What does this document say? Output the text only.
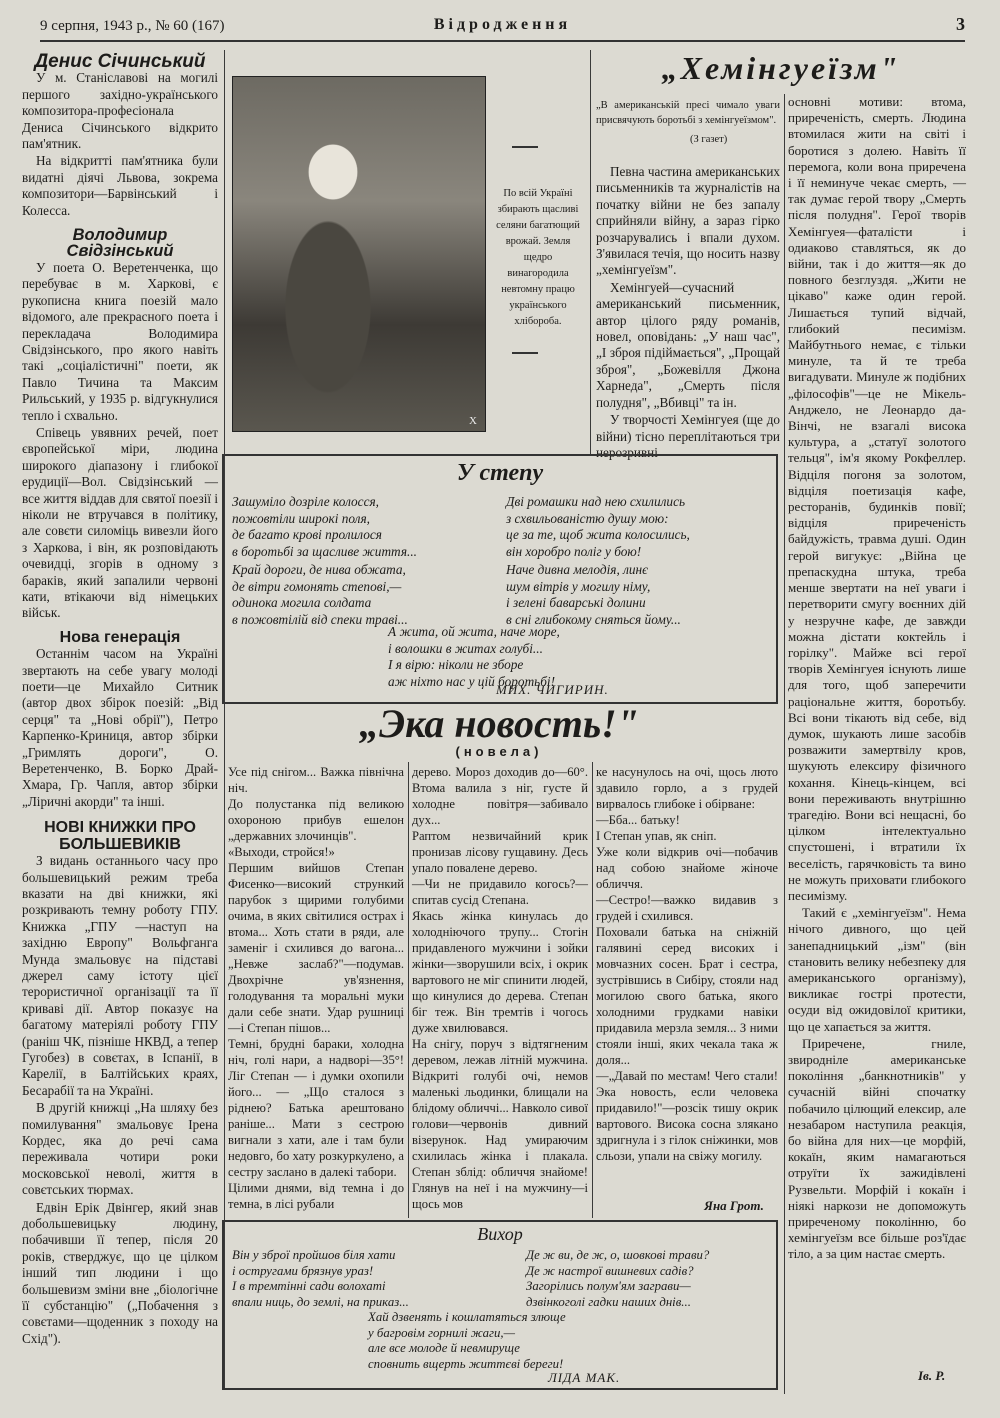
9 серпня, 1943 р., № 60 (167)	Відродження	3
Денис Січинський

У м. Станіславові на могилі першого західно-українського композитора-професіонала Дениса Січинського відкрито пам'ятник.

На відкритті пам'ятника були видатні діячі Львова, зокрема композитори—Барвінський і Колесса.

Володимир Свідзінський

У поета О. Веретенченка, що перебуває в м. Харкові, є рукописна книга поезій мало відомого, але прекрасного поета і перекладача Володимира Свідзінського, про якого навіть такі „соціалістичні" поети, як Павло Тичина та Максим Рильський, у 1935 р. відгукнулися тепло і схвально.

Співець увявних речей, поет європейської міри, людина широкого діапазону і глибокої ерудиції—Вол. Свідзінський — все життя віддав для святої поезії і ніколи не втручався в політику, але совєти силоміць вивезли його з Харкова, і він, як розповідають очевидці, згорів в одному з бараків, який запалили червоні кати, втікаючи від німецьких військ.

Нова генерація

Останнім часом на Україні звертають на себе увагу молоді поети—це Михайло Ситник (автор двох збірок поезій: „Від серця" та „Нові обрії"), Петро Карпенко-Криниця, автор збірки „Гримлять дороги", О. Веретенченко, В. Борко Драй-Хмара, Гр. Чапля, автор збірки „Ліричні акорди" та інші.

НОВІ КНИЖКИ ПРО БОЛЬШЕВИКІВ

З видань останнього часу про большевицький режим треба вказати на дві книжки, які розкривають темну роботу ГПУ. Книжка „ГПУ —наступ на західню Европу" Вольфганга Мунда змальовує на підставі джерел саму істоту цієї терористичної організації та її криваві дії. Автор показує на багатому матеріялі роботу ГПУ (раніш ЧК, пізніше НКВД, а тепер Гугобез) в совєтах, в Іспанії, в Карелії, в Балтійських краях, Бесарабії та на Україні.

В другій книжці „На шляху без помилування" змальовує Ірена Кордес, яка до речі сама переживала чотири роки московської неволі, життя в совєтських тюрмах.

Едвін Ерік Двінгер, який знав добольшевицьку людину, побачивши її тепер, після 20 років, стверджує, що це цілком інший тип людини і що большевизм зміни вне „біологічне її субстанцію" („Побачення з совєтами—щоденник з походу на Схід").

X
По всій Україні збирають щасливі селяни багатющий врожай. Земля щедро винагородила невтомну працю українського хлібороба.
„Хемінгуеїзм"
„В американській пресі чимало уваги присвячують боротьбі з хемінгуеїзмом".
(З газет)

Певна частина американських письменників та журналістів на початку війни не без запалу сприйняли війну, а зараз гірко розчарувались і впали духом. З'явилася течія, що носить назву „хемінгуеїзм".

Хемінгуей—сучасний американський письменник, автор цілого ряду романів, новел, оповідань: „У наш час", „І зброя підіймається", „Прощай зброя", „Божевілля Джона Харнеда", „Смерть після полудня", „Вбивці" та ін.

У творчості Хемінгуея (ще до війни) тісно переплітаються три нерозривні

основні мотиви: втома, приреченість, смерть. Людина втомилася жити на світі і боротися з долею. Навіть її перемога, коли вона приречена і її неминуче чекає смерть, —так думає герой твору „Смерть після полудня". Герої творів Хемінгуея—фаталісти і одиаково ставляться, як до війни, так і до життя—як до повного безглуздя. „Жити не цікаво" каже один герой. Лишається тупий відчай, глибокий песимізм. Майбутнього немає, є тільки минуле, та й те треба вигадувати. Минуле ж подібних „філософів"—це не Мікель-Анджело, не Леонардо да-Вінчі, не взагалі висока культура, а „статуї золотого тельця", ім'я якому Рокфеллер. Відціля погоня за золотом, відціля поетизація кафе, ресторанів, будинків повії; відціля приреченість байдужість, травма душі. Один герой вигукує: „Війна це препаскудна штука, треба менше звертати на неї уваги і перетворити смугу воєнних дій у незручне кафе, де завжди можна дістати коктейль і горілку". Майже всі герої творів Хемінгуея існують лише для того, щоб заперечити раціональне життя, боротьбу. Всі вони тікають від себе, від думок, шукають лише засобів розважити замертвілу кров, шукують елексиру фізичного кохання. Кінець-кінцем, всі вони переживають внутрішню трагедію. Вони всі нещасні, бо цілком інтелектуально спустошені, і втратили їх веселість, гарячковість та вино не можуть приховати глибокого песимізму.

Такий є „хемінгуеїзм". Нема нічого дивного, що цей занепадницький „ізм" (він становить велику небезпеку для американського організму), викликає гострі протести, осуди від ожидовілої критики, що це хапається за життя.

Приречене, гниле, звиродніле американське покоління „банкнотників" у сучасній війні спочатку побачило цілющий елексир, але незабаром наступила реакція, бо війна для них—це морфій, кокаїн, яким намагаються отруїти їх зажидівлені Рузвельти. Морфій і кокаїн і ніякі наркози не допоможуть приреченому поколінню, бо хемінгуеїзм все більше роз'їдає тіло, а за цим настає смерть.

Ів. Р.
У степу
Зашуміло дозріле колосся,
пожовтіли широкі поля,
де багато крові пролилося
в боротьбі за щасливе життя...
Край дороги, де нива обжата,
де вітри гомонять степові,—
одинока могила солдата
в пожовтілій від спеки траві...
Дві ромашки над нею схилились
з схвильованістю душу мою:
це за те, щоб жита колосились,
він хоробро поліг у бою!
Наче дивна мелодія, линє
шум вітрів у могилу німу,
і зелені баварські долини
в сні глибокому сняться йому...
А жита, ой жита, наче море,
і волошки в житах голубі...
І я вірю: ніколи не зборе
аж ніхто нас у цій боротьбі!
МИХ. ЧИГИРИН.
„Эка новость!"
(новела)
Усе під снігом... Важка північна ніч.
До полустанка під великою охороною прибув ешелон „державних злочинців".
«Выходи, стройся!»
Першим вийшов Степан Фисенко—високий стрункий парубок з щирими голубими очима, в яких світилися острах і втома... Хоть стати в ряди, але заменіг і схилився до вагона... „Невже заслаб?"—подумав. Двохрічне ув'язнення, голодування та моральні муки дали себе знати. Удар рушниці—і Степан пішов...
Темні, брудні бараки, холодна ніч, голі нари, а надворі—35°! Ліг Степан — і думки охопили його... — „Що сталося з ріднею? Батька арештовано раніше... Мати з сестрою вигнали з хати, але і там були недовго, бо хату розкуркулено, а сестру заслано в далекі табори.
Цілими днями, від темна і до темна, в лісі рубали
дерево. Мороз доходив до—60°. Втома валила з ніг, густе й холодне повітря—забивало дух...
Раптом незвичайний крик пронизав лісову гущавину. Десь упало повалене дерево.
—Чи не придавило когось?—спитав сусід Степана.
Якась жінка кинулась до холодніючого трупу... Стогін придавленого мужчини і зойки жінки—зворушили всіх, і окрик вартового не міг спинити людей, що кинулися до дерева. Степан біг теж. Він тремтів і чогось дуже хвилювався.
На снігу, поруч з відтягненим деревом, лежав літній мужчина. Відкриті голубі очі, немов маленькі льодинки, блищали на блідому обличчі... Навколо сивої голови—червонів дивний візерунок. Над умираючим схилилась жінка і плакала. Степан зблід: обличчя знайоме! Глянув на неї і на мужчину—і щось мов
ке насунулось на очі, щось люто здавило горло, а з грудей вирвалось глибоке і обірване:
—Бба... батьку!
І Степан упав, як сніп.
Уже коли відкрив очі—побачив над собою знайоме жіноче обличчя.
—Сестро!—важко видавив з грудей і схилився.
Поховали батька на сніжній галявині серед високих і мовчазних сосен. Брат і сестра, зустрівшись в Сибіру, стояли над могилою свого батька, якого холодними грудками навіки придавила мерзла земля... З ними стояли інші, яких чекала така ж доля...
—„Давай по местам! Чего стали! Эка новость, если человека придавило!"—розсік тишу окрик вартового. Висока сосна злякано здригнула і з гілок сніжинки, мов сльози, упали на свіжу могилу.
Яна Грот.
Вихор
Він у зброї пройшов біля хати
і остругами брязнув ураз!
І в тремтінні сади волохаті
впали ниць, до землі, на приказ...
Де ж ви, де ж, о, шовкові трави?
Де ж настрої вишневих садів?
Загорілись полум'ям заграви—
дзвінкоголі гадки наших днів...
Хай дзвенять і кошлатяться злюще
у багровім горнилі жаги,—
але все молоде й невмируще
сповнить вщерть життєві береги!
ЛІДА МАК.
